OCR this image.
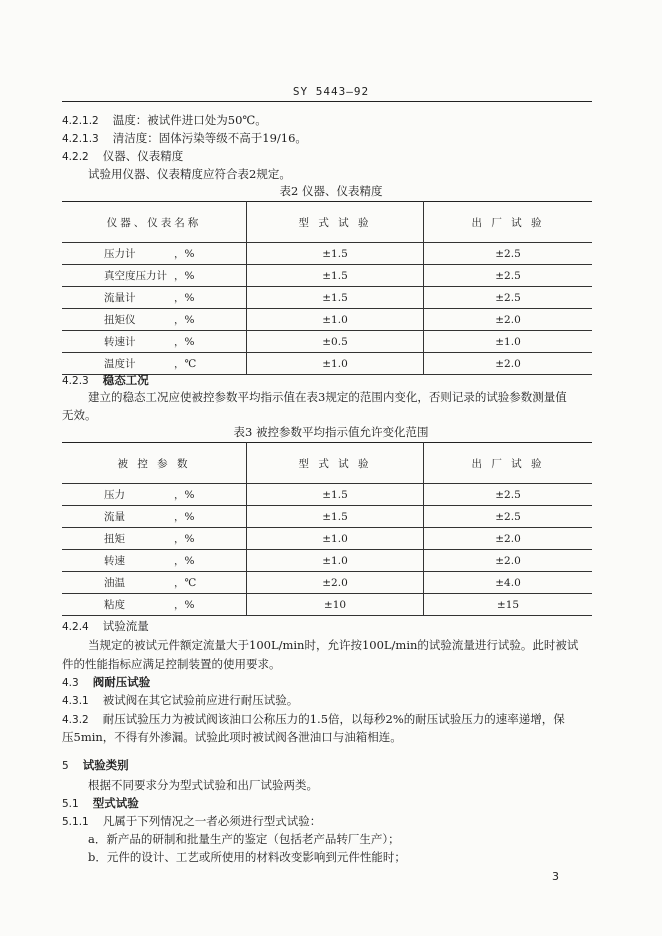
SY 5443—92
4.2.1.2 温度：被试件进口处为50℃。
4.2.1.3 清洁度：固体污染等级不高于19/16。
4.2.2 仪器、仪表精度
试验用仪器、仪表精度应符合表2规定。
表2 仪器、仪表精度
仪器、仪表名称	型 式 试 验	出 厂 试 验
压力计 ，%	±1.5	±2.5
真空度压力计 ，%	±1.5	±2.5
流量计 ，%	±1.5	±2.5
扭矩仪 ，%	±1.0	±2.0
转速计 ，%	±0.5	±1.0
温度计 ，℃	±1.0	±2.0
4.2.3 稳态工况
建立的稳态工况应使被控参数平均指示值在表3规定的范围内变化，否则记录的试验参数测量值
无效。
表3 被控参数平均指示值允许变化范围
被 控 参 数	型 式 试 验	出 厂 试 验
压力 ，%	±1.5	±2.5
流量 ，%	±1.5	±2.5
扭矩 ，%	±1.0	±2.0
转速 ，%	±1.0	±2.0
油温 ，℃	±2.0	±4.0
粘度 ，%	±10	±15
4.2.4 试验流量
当规定的被试元件额定流量大于100L/min时，允许按100L/min的试验流量进行试验。此时被试
件的性能指标应满足控制装置的使用要求。
4.3 阀耐压试验
4.3.1 被试阀在其它试验前应进行耐压试验。
4.3.2 耐压试验压力为被试阀该油口公称压力的1.5倍，以每秒2%的耐压试验压力的速率递增，保
压5min，不得有外渗漏。试验此项时被试阀各泄油口与油箱相连。
5 试验类别
根据不同要求分为型式试验和出厂试验两类。
5.1 型式试验
5.1.1 凡属于下列情况之一者必须进行型式试验：
a．新产品的研制和批量生产的鉴定（包括老产品转厂生产）；
b．元件的设计、工艺或所使用的材料改变影响到元件性能时；
3
